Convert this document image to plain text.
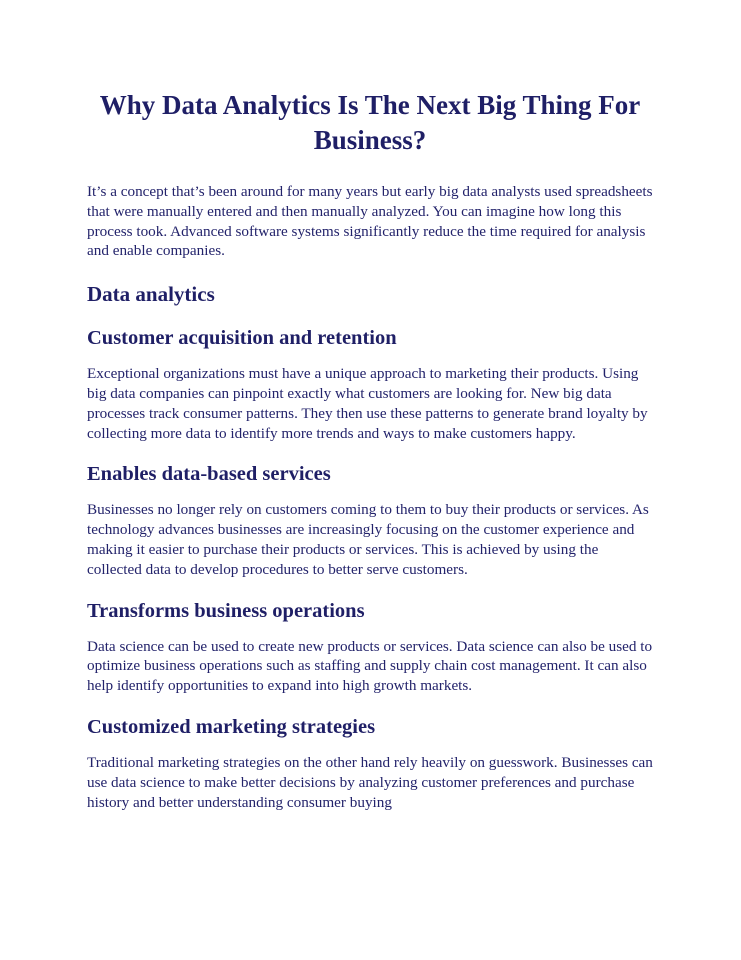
Why Data Analytics Is The Next Big Thing For Business?

It’s a concept that’s been around for many years but early big data analysts used spreadsheets that were manually entered and then manually analyzed. You can imagine how long this process took. Advanced software systems significantly reduce the time required for analysis and enable companies.

Data analytics
Customer acquisition and retention

Exceptional organizations must have a unique approach to marketing their products. Using big data companies can pinpoint exactly what customers are looking for. New big data processes track consumer patterns. They then use these patterns to generate brand loyalty by collecting more data to identify more trends and ways to make customers happy.

Enables data-based services

Businesses no longer rely on customers coming to them to buy their products or services. As technology advances businesses are increasingly focusing on the customer experience and making it easier to purchase their products or services. This is achieved by using the collected data to develop procedures to better serve customers.

Transforms business operations

Data science can be used to create new products or services. Data science can also be used to optimize business operations such as staffing and supply chain cost management. It can also help identify opportunities to expand into high growth markets.

Customized marketing strategies

Traditional marketing strategies on the other hand rely heavily on guesswork. Businesses can use data science to make better decisions by analyzing customer preferences and purchase history and better understanding consumer buying
